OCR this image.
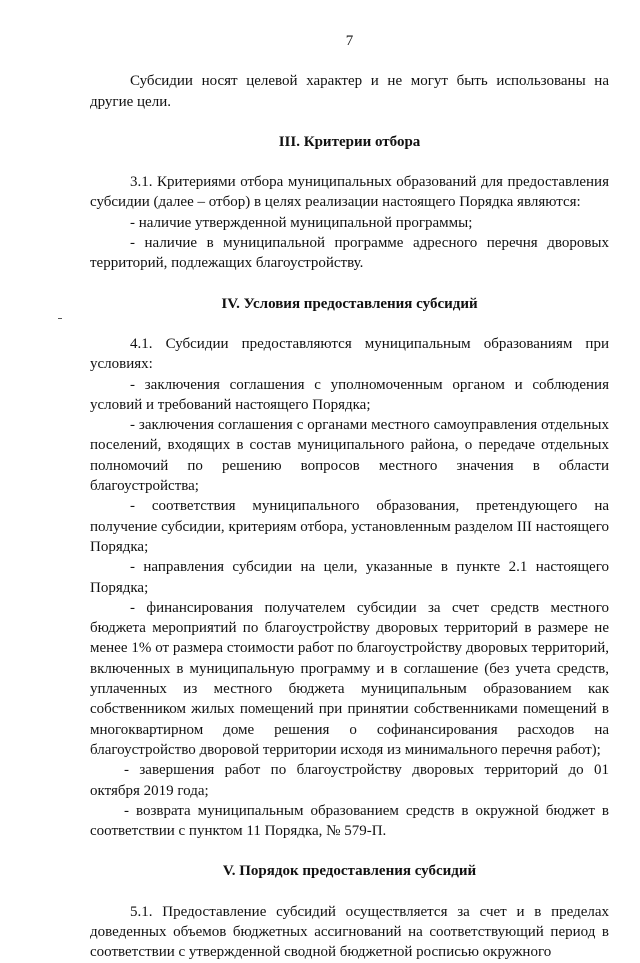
7

Субсидии носят целевой характер и не могут быть использованы на другие цели.

III. Критерии отбора

3.1. Критериями отбора муниципальных образований для предоставления субсидии (далее – отбор) в целях реализации настоящего Порядка являются:

- наличие утвержденной муниципальной программы;

- наличие в муниципальной программе адресного перечня дворовых территорий, подлежащих благоустройству.

IV. Условия предоставления субсидий

4.1. Субсидии предоставляются муниципальным образованиям при условиях:

- заключения соглашения с уполномоченным органом и соблюдения условий и требований настоящего Порядка;

- заключения соглашения с органами местного самоуправления отдельных поселений, входящих в состав муниципального района, о передаче отдельных полномочий по решению вопросов местного значения в области благоустройства;

- соответствия муниципального образования, претендующего на получение субсидии, критериям отбора, установленным разделом III настоящего Порядка;

- направления субсидии на цели, указанные в пункте 2.1 настоящего Порядка;

- финансирования получателем субсидии за счет средств местного бюджета мероприятий по благоустройству дворовых территорий в размере не менее 1% от размера стоимости работ по благоустройству дворовых территорий, включенных в муниципальную программу и в соглашение (без учета средств, уплаченных из местного бюджета муниципальным образованием как собственником жилых помещений при принятии собственниками помещений в многоквартирном доме решения о софинансирования расходов на благоустройство дворовой территории исходя из минимального перечня работ);

- завершения работ по благоустройству дворовых территорий до 01 октября 2019 года;

- возврата муниципальным образованием средств в окружной бюджет в соответствии с пунктом 11 Порядка, № 579-П.

V. Порядок предоставления субсидий

5.1. Предоставление субсидий осуществляется за счет и в пределах доведенных объемов бюджетных ассигнований на соответствующий период в соответствии с утвержденной сводной бюджетной росписью окружного
